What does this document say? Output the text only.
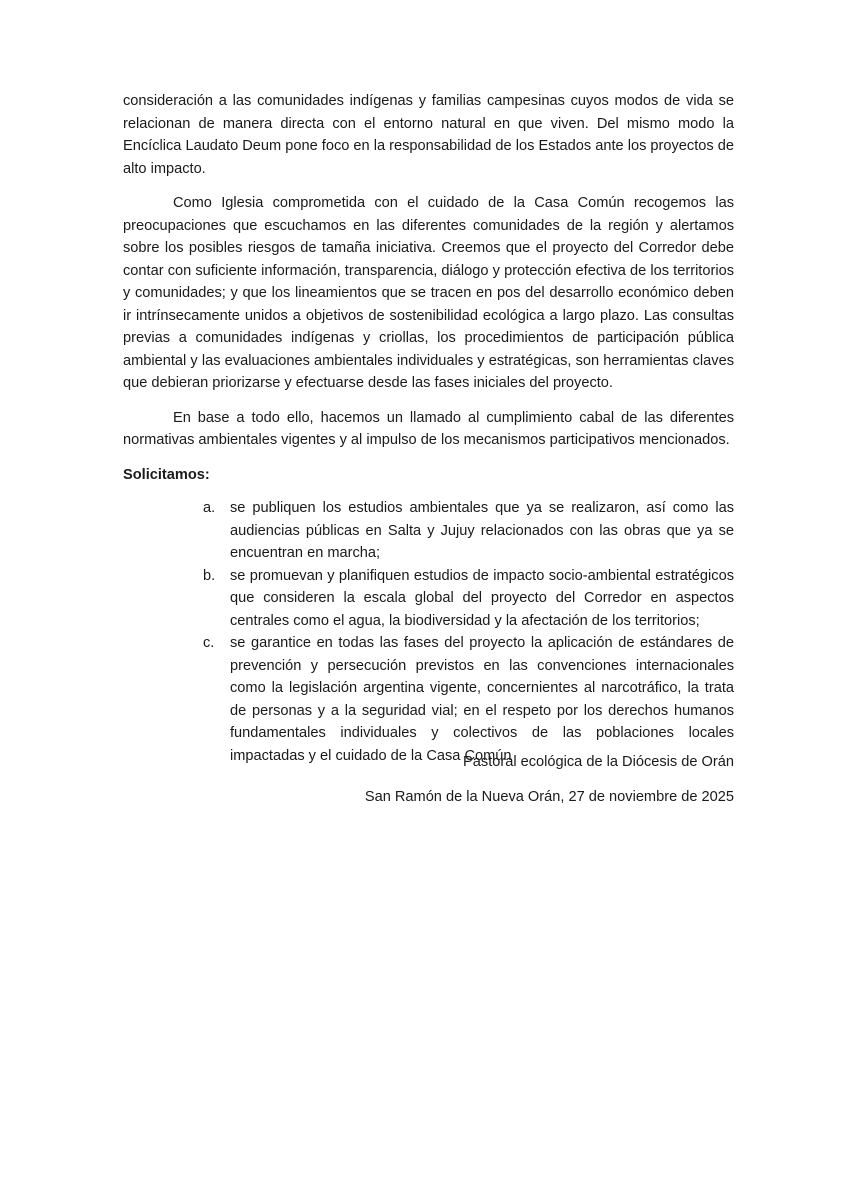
consideración a las comunidades indígenas y familias campesinas cuyos modos de vida se relacionan de manera directa con el entorno natural en que viven. Del mismo modo la Encíclica Laudato Deum pone foco en la responsabilidad de los Estados ante los proyectos de alto impacto.

Como Iglesia comprometida con el cuidado de la Casa Común recogemos las preocupaciones que escuchamos en las diferentes comunidades de la región y alertamos sobre los posibles riesgos de tamaña iniciativa. Creemos que el proyecto del Corredor debe contar con suficiente información, transparencia, diálogo y protección efectiva de los territorios y comunidades; y que los lineamientos que se tracen en pos del desarrollo económico deben ir intrínsecamente unidos a objetivos de sostenibilidad ecológica a largo plazo. Las consultas previas a comunidades indígenas y criollas, los procedimientos de participación pública ambiental y las evaluaciones ambientales individuales y estratégicas, son herramientas claves que debieran priorizarse y efectuarse desde las fases iniciales del proyecto.

En base a todo ello, hacemos un llamado al cumplimiento cabal de las diferentes normativas ambientales vigentes y al impulso de los mecanismos participativos mencionados.

Solicitamos:

a.	se publiquen los estudios ambientales que ya se realizaron, así como las audiencias públicas en Salta y Jujuy relacionados con las obras que ya se encuentran en marcha;
b.	se promuevan y planifiquen estudios de impacto socio-ambiental estratégicos que consideren la escala global del proyecto del Corredor en aspectos centrales como el agua, la biodiversidad y la afectación de los territorios;
c.	se garantice en todas las fases del proyecto la aplicación de estándares de prevención y persecución previstos en las convenciones internacionales como la legislación argentina vigente, concernientes al narcotráfico, la trata de personas y a la seguridad vial; en el respeto por los derechos humanos fundamentales individuales y colectivos de las poblaciones locales impactadas y el cuidado de la Casa Común
Pastoral ecológica de la Diócesis de Orán
San Ramón de la Nueva Orán, 27 de noviembre de 2025
